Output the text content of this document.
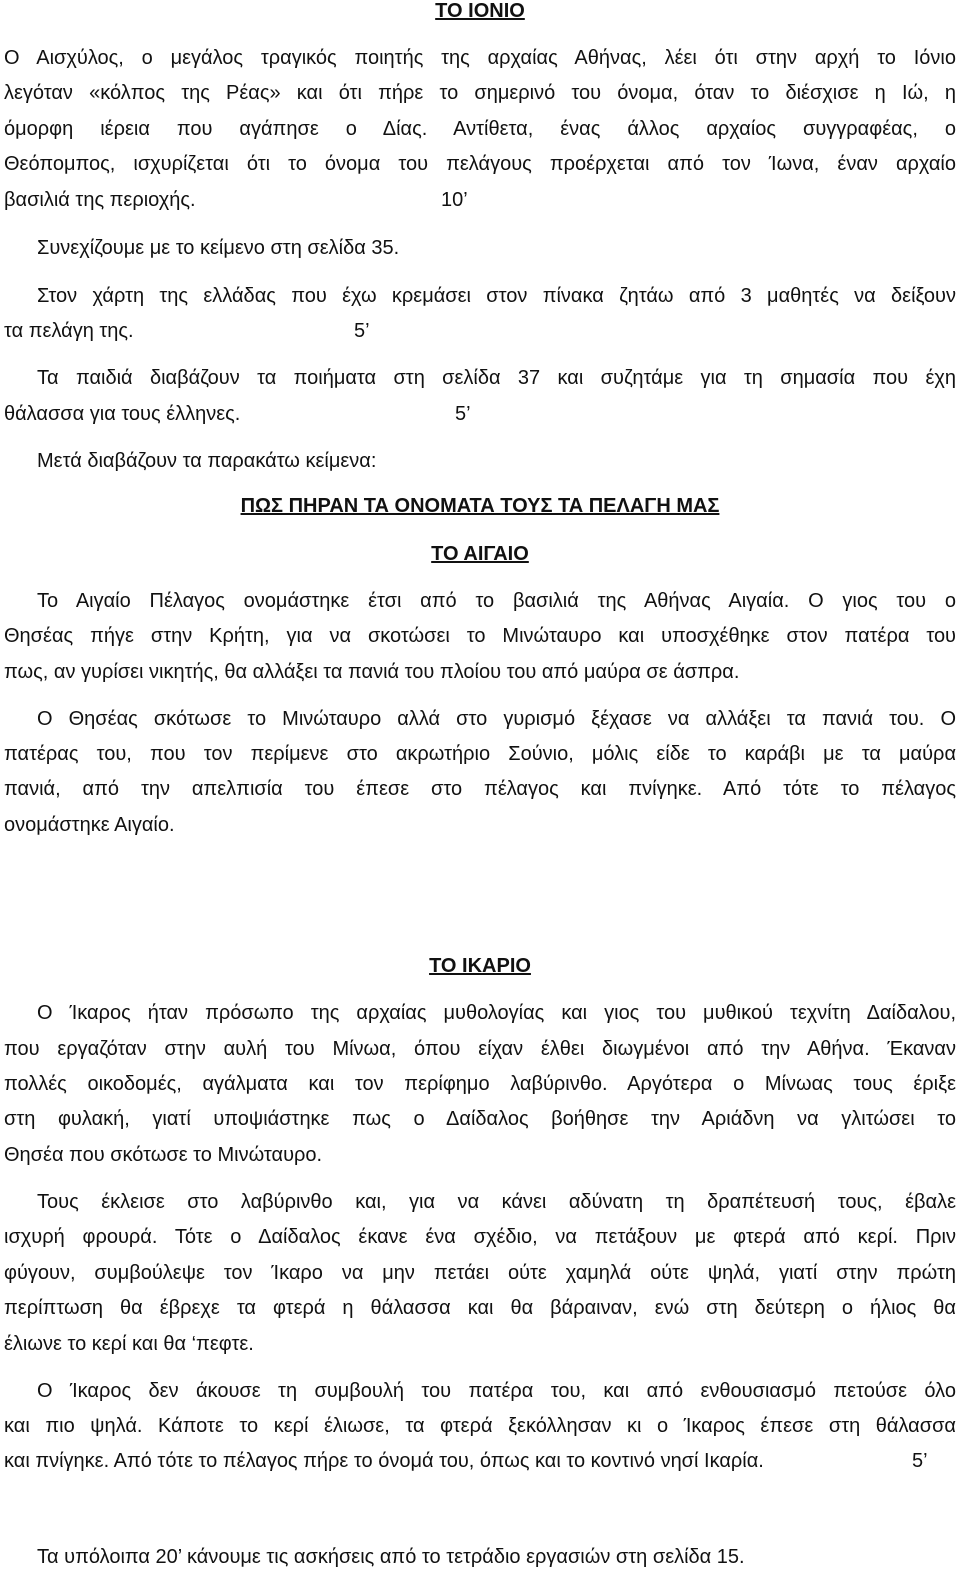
ΤΟ ΙΟΝΙΟ
Ο Αισχύλος, ο μεγάλος τραγικός ποιητής της αρχαίας Αθήνας, λέει ότι στην αρχή το Ιόνιο
λεγόταν «κόλπος της Ρέας» και ότι πήρε το σημερινό του όνομα, όταν το διέσχισε η Ιώ, η
όμορφη ιέρεια που αγάπησε ο Δίας. Αντίθετα, ένας άλλος αρχαίος συγγραφέας, ο
Θεόπομπος, ισχυρίζεται ότι το όνομα του πελάγους προέρχεται από τον Ίωνα, έναν αρχαίο
βασιλιά της περιοχής.	10’
Συνεχίζουμε με το κείμενο στη σελίδα 35.
Στον χάρτη της ελλάδας που έχω κρεμάσει στον πίνακα ζητάω από 3 μαθητές να δείξουν
τα πελάγη της.	5’
Τα παιδιά διαβάζουν τα ποιήματα στη σελίδα 37 και συζητάμε για τη σημασία που έχη
θάλασσα για τους έλληνες.	5’
Μετά διαβάζουν τα παρακάτω κείμενα:
ΠΩΣ ΠΗΡΑΝ ΤΑ ΟΝΟΜΑΤΑ ΤΟΥΣ ΤΑ ΠΕΛΑΓΗ ΜΑΣ
ΤΟ ΑΙΓΑΙΟ
Το Αιγαίο Πέλαγος ονομάστηκε έτσι από το βασιλιά της Αθήνας Αιγαία. Ο γιος του ο
Θησέας πήγε στην Κρήτη, για να σκοτώσει το Μινώταυρο και υποσχέθηκε στον πατέρα του
πως, αν γυρίσει νικητής, θα αλλάξει τα πανιά του πλοίου του από μαύρα σε άσπρα.
Ο Θησέας σκότωσε το Μινώταυρο αλλά στο γυρισμό ξέχασε να αλλάξει τα πανιά του. Ο
πατέρας του, που τον περίμενε στο ακρωτήριο Σούνιο, μόλις είδε το καράβι με τα μαύρα
πανιά, από την απελπισία του έπεσε στο πέλαγος και πνίγηκε. Από τότε το πέλαγος
ονομάστηκε Αιγαίο.
ΤΟ ΙΚΑΡΙΟ
Ο Ίκαρος ήταν πρόσωπο της αρχαίας μυθολογίας και γιος του μυθικού τεχνίτη Δαίδαλου,
που εργαζόταν στην αυλή του Μίνωα, όπου είχαν έλθει διωγμένοι από την Αθήνα. Έκαναν
πολλές οικοδομές, αγάλματα και τον περίφημο λαβύρινθο. Αργότερα ο Μίνωας τους έριξε
στη φυλακή, γιατί υποψιάστηκε πως ο Δαίδαλος βοήθησε την Αριάδνη να γλιτώσει το
Θησέα που σκότωσε το Μινώταυρο.
Τους έκλεισε στο λαβύρινθο και, για να κάνει αδύνατη τη δραπέτευσή τους, έβαλε
ισχυρή φρουρά. Τότε ο Δαίδαλος έκανε ένα σχέδιο, να πετάξουν με φτερά από κερί. Πριν
φύγουν, συμβούλεψε τον Ίκαρο να μην πετάει ούτε χαμηλά ούτε ψηλά, γιατί στην πρώτη
περίπτωση θα έβρεχε τα φτερά η θάλασσα και θα βάραιναν, ενώ στη δεύτερη ο ήλιος θα
έλιωνε το κερί και θα ‘πεφτε.
Ο Ίκαρος δεν άκουσε τη συμβουλή του πατέρα του, και από ενθουσιασμό πετούσε όλο
και πιο ψηλά. Κάποτε το κερί έλιωσε, τα φτερά ξεκόλλησαν κι ο Ίκαρος έπεσε στη θάλασσα
και πνίγηκε. Από τότε το πέλαγος πήρε το όνομά του, όπως και το κοντινό νησί Ικαρία.	5’
Τα υπόλοιπα 20’ κάνουμε τις ασκήσεις από το τετράδιο εργασιών στη σελίδα 15.
